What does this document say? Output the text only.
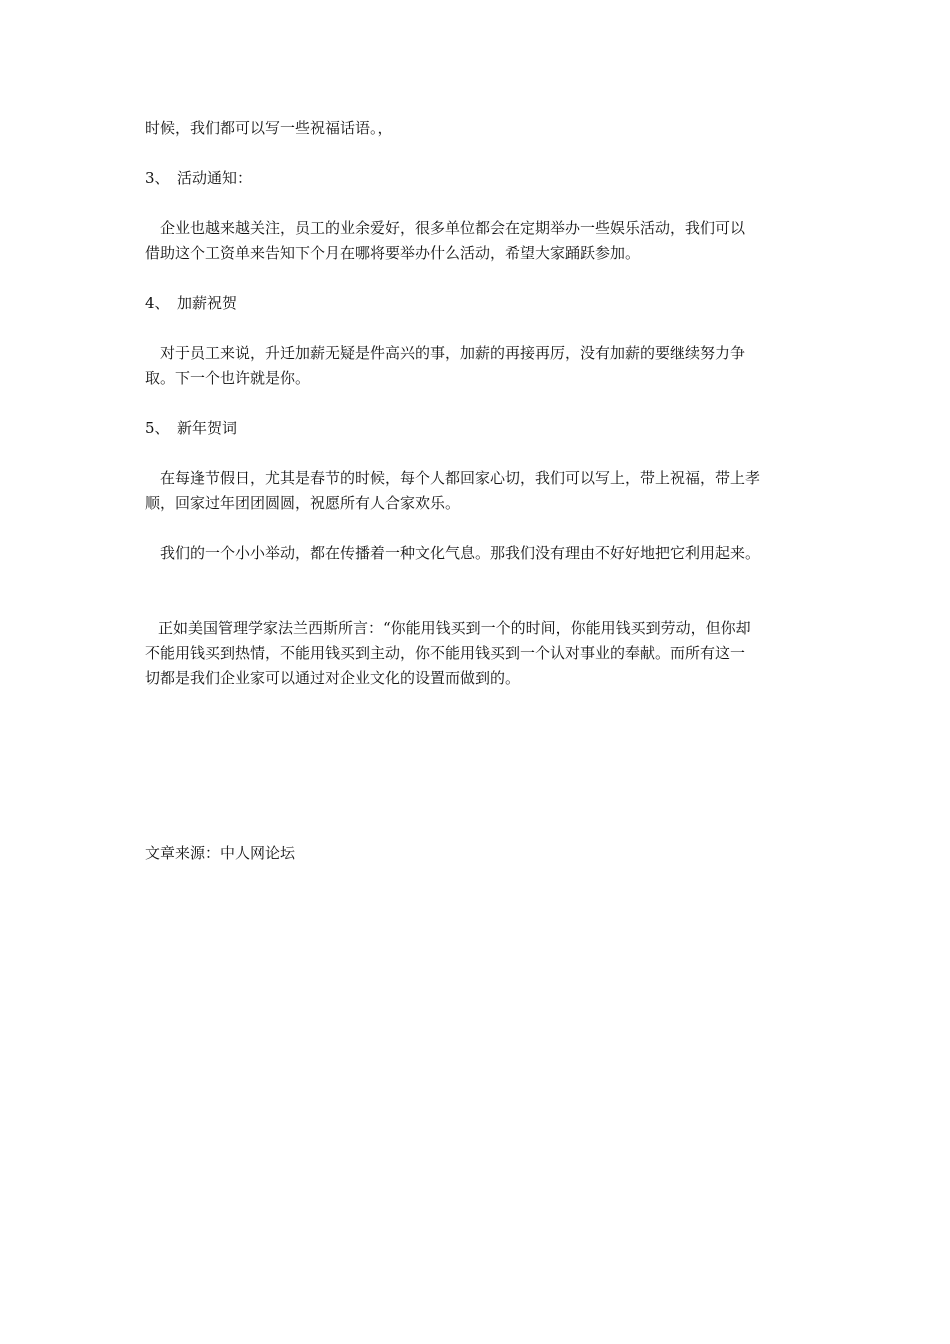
时候，我们都可以写一些祝福话语。，
3、　活动通知：
企业也越来越关注，员工的业余爱好，很多单位都会在定期举办一些娱乐活动，我们可以
借助这个工资单来告知下个月在哪将要举办什么活动，希望大家踊跃参加。
4、　加薪祝贺
对于员工来说，升迁加薪无疑是件高兴的事，加薪的再接再厉，没有加薪的要继续努力争
取。下一个也许就是你。
5、　新年贺词
在每逢节假日，尤其是春节的时候，每个人都回家心切，我们可以写上，带上祝福，带上孝
顺，回家过年团团圆圆，祝愿所有人合家欢乐。
我们的一个小小举动，都在传播着一种文化气息。那我们没有理由不好好地把它利用起来。
正如美国管理学家法兰西斯所言：“你能用钱买到一个的时间，你能用钱买到劳动，但你却
不能用钱买到热情，不能用钱买到主动，你不能用钱买到一个认对事业的奉献。而所有这一
切都是我们企业家可以通过对企业文化的设置而做到的。
文章来源：中人网论坛
